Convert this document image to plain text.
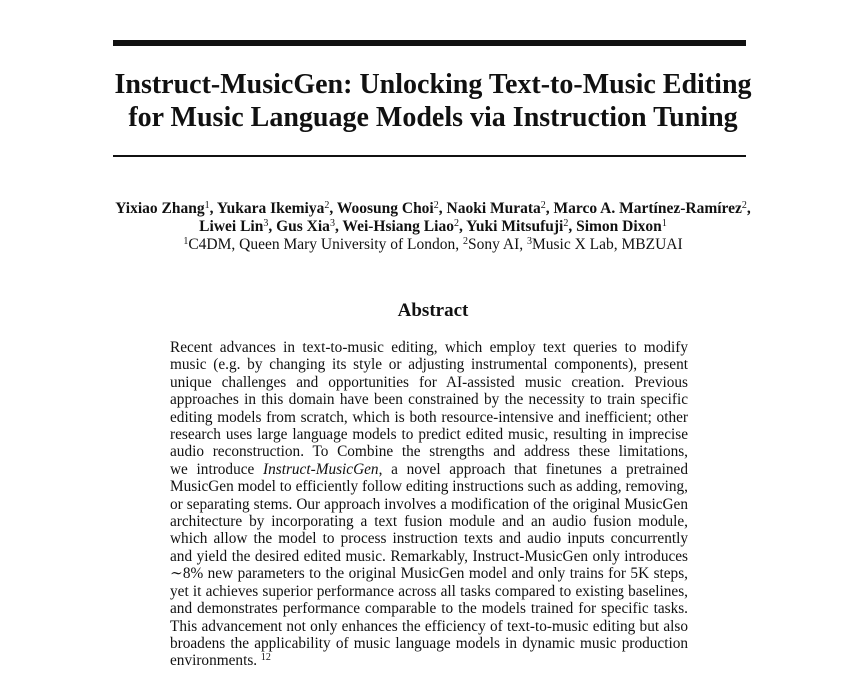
Instruct-MusicGen: Unlocking Text-to-Music Editing
for Music Language Models via Instruction Tuning
Yixiao Zhang$^1$, Yukara Ikemiya$^2$, Woosung Choi$^2$, Naoki Murata$^2$, Marco A. Martínez-Ramírez$^2$,
Liwei Lin$^3$, Gus Xia$^3$, Wei-Hsiang Liao$^2$, Yuki Mitsufuji$^2$, Simon Dixon$^1$
$^1$C4DM, Queen Mary University of London, $^2$Sony AI, $^3$Music X Lab, MBZUAI
Abstract
Recent advances in text-to-music editing, which employ text queries to modify
music (e.g. by changing its style or adjusting instrumental components), present
unique challenges and opportunities for AI-assisted music creation. Previous
approaches in this domain have been constrained by the necessity to train specific
editing models from scratch, which is both resource-intensive and inefficient; other
research uses large language models to predict edited music, resulting in imprecise
audio reconstruction. To Combine the strengths and address these limitations,
we introduce Instruct-MusicGen, a novel approach that finetunes a pretrained
MusicGen model to efficiently follow editing instructions such as adding, removing,
or separating stems. Our approach involves a modification of the original MusicGen
architecture by incorporating a text fusion module and an audio fusion module,
which allow the model to process instruction texts and audio inputs concurrently
and yield the desired edited music. Remarkably, Instruct-MusicGen only introduces
∼8% new parameters to the original MusicGen model and only trains for 5K steps,
yet it achieves superior performance across all tasks compared to existing baselines,
and demonstrates performance comparable to the models trained for specific tasks.
This advancement not only enhances the efficiency of text-to-music editing but also
broadens the applicability of music language models in dynamic music production
environments. $^{12}$
